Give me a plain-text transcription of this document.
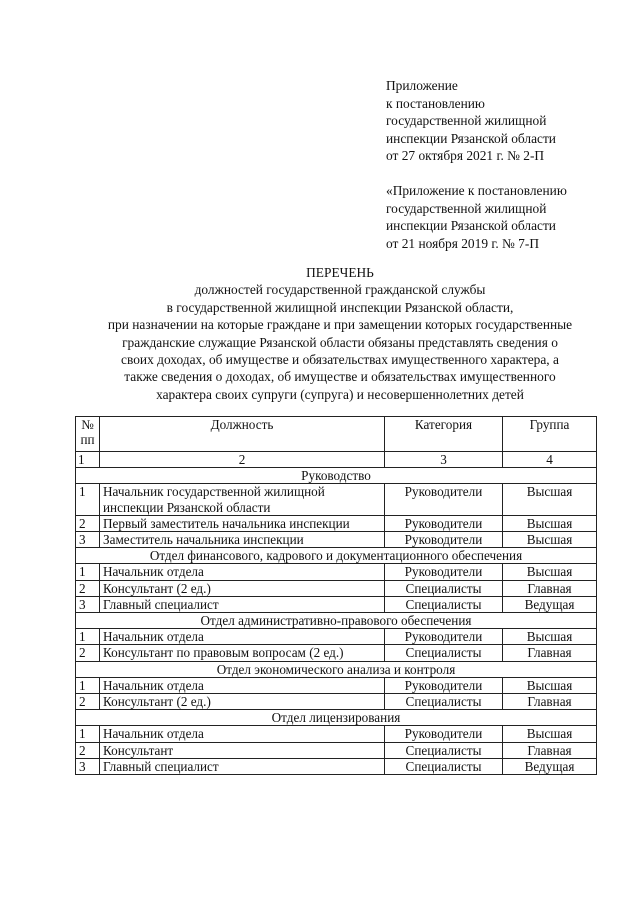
Приложение
к постановлению
государственной жилищной
инспекции Рязанской области
от 27 октября 2021 г. № 2-П
«Приложение к постановлению
государственной жилищной
инспекции Рязанской области
от 21 ноября 2019 г. № 7-П
ПЕРЕЧЕНЬ
должностей государственной гражданской службы
в государственной жилищной инспекции Рязанской области,
при назначении на которые граждане и при замещении которых государственные
гражданские служащие Рязанской области обязаны представлять сведения о
своих доходах, об имуществе и обязательствах имущественного характера, а
также сведения о доходах, об имуществе и обязательствах имущественного
характера своих супруги (супруга) и несовершеннолетних детей
№
пп	Должность	Категория	Группа
1	2	3	4
Руководство			
1	Начальник государственной жилищной инспекции Рязанской области	Руководители	Высшая
2	Первый заместитель начальника инспекции	Руководители	Высшая
3	Заместитель начальника инспекции	Руководители	Высшая
Отдел финансового, кадрового и документационного обеспечения			
1	Начальник отдела	Руководители	Высшая
2	Консультант (2 ед.)	Специалисты	Главная
3	Главный специалист	Специалисты	Ведущая
Отдел административно-правового обеспечения			
1	Начальник отдела	Руководители	Высшая
2	Консультант по правовым вопросам (2 ед.)	Специалисты	Главная
Отдел экономического анализа и контроля			
1	Начальник отдела	Руководители	Высшая
2	Консультант (2 ед.)	Специалисты	Главная
Отдел лицензирования			
1	Начальник отдела	Руководители	Высшая
2	Консультант	Специалисты	Главная
3	Главный специалист	Специалисты	Ведущая
